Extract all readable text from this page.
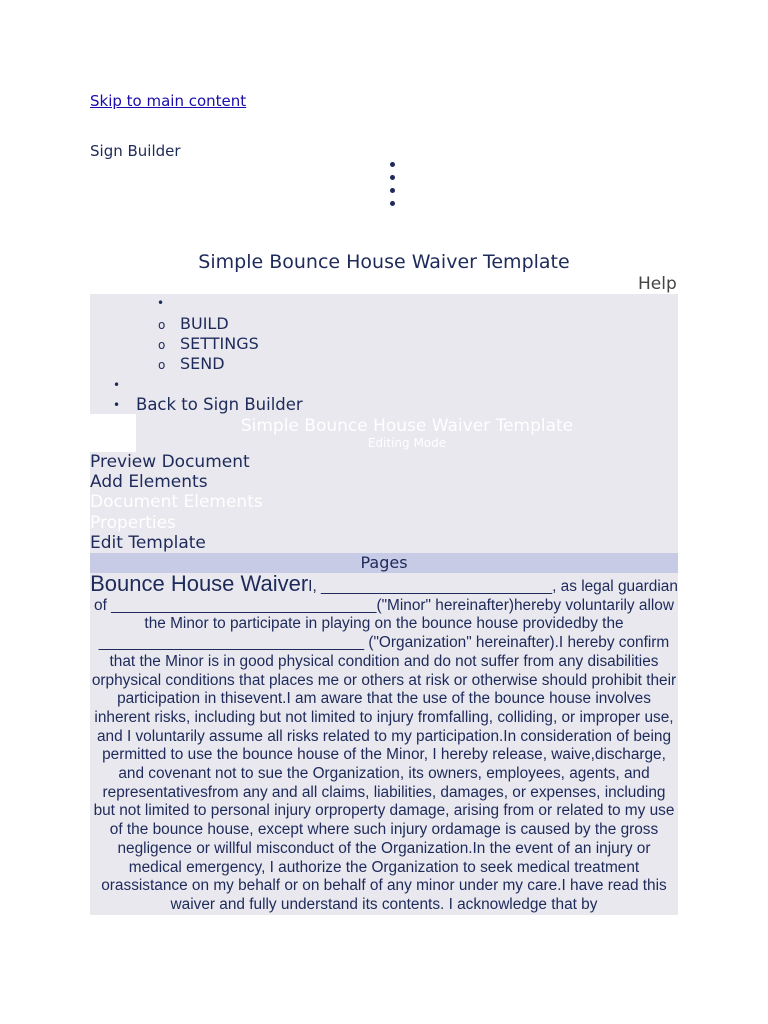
Skip to main content
Sign Builder
Simple Bounce House Waiver Template
Help
•
o BUILD
o SETTINGS
o SEND
•
• Back to Sign Builder
Simple Bounce House Waiver Template
Editing Mode
Preview Document
Add Elements
Document Elements
Properties
Edit Template
Pages
Bounce House WaiverI, ___________________________, as legal guardian of _______________________________("Minor" hereinafter)hereby voluntarily allow the Minor to participate in playing on the bounce house providedby the _______________________________ ("Organization" hereinafter).I hereby confirm that the Minor is in good physical condition and do not suffer from any disabilities orphysical conditions that places me or others at risk or otherwise should prohibit their participation in thisevent.I am aware that the use of the bounce house involves inherent risks, including but not limited to injury fromfalling, colliding, or improper use, and I voluntarily assume all risks related to my participation.In consideration of being permitted to use the bounce house of the Minor, I hereby release, waive,discharge, and covenant not to sue the Organization, its owners, employees, agents, and representativesfrom any and all claims, liabilities, damages, or expenses, including but not limited to personal injury orproperty damage, arising from or related to my use of the bounce house, except where such injury ordamage is caused by the gross negligence or willful misconduct of the Organization.In the event of an injury or medical emergency, I authorize the Organization to seek medical treatment orassistance on my behalf or on behalf of any minor under my care.I have read this waiver and fully understand its contents. I acknowledge that by
